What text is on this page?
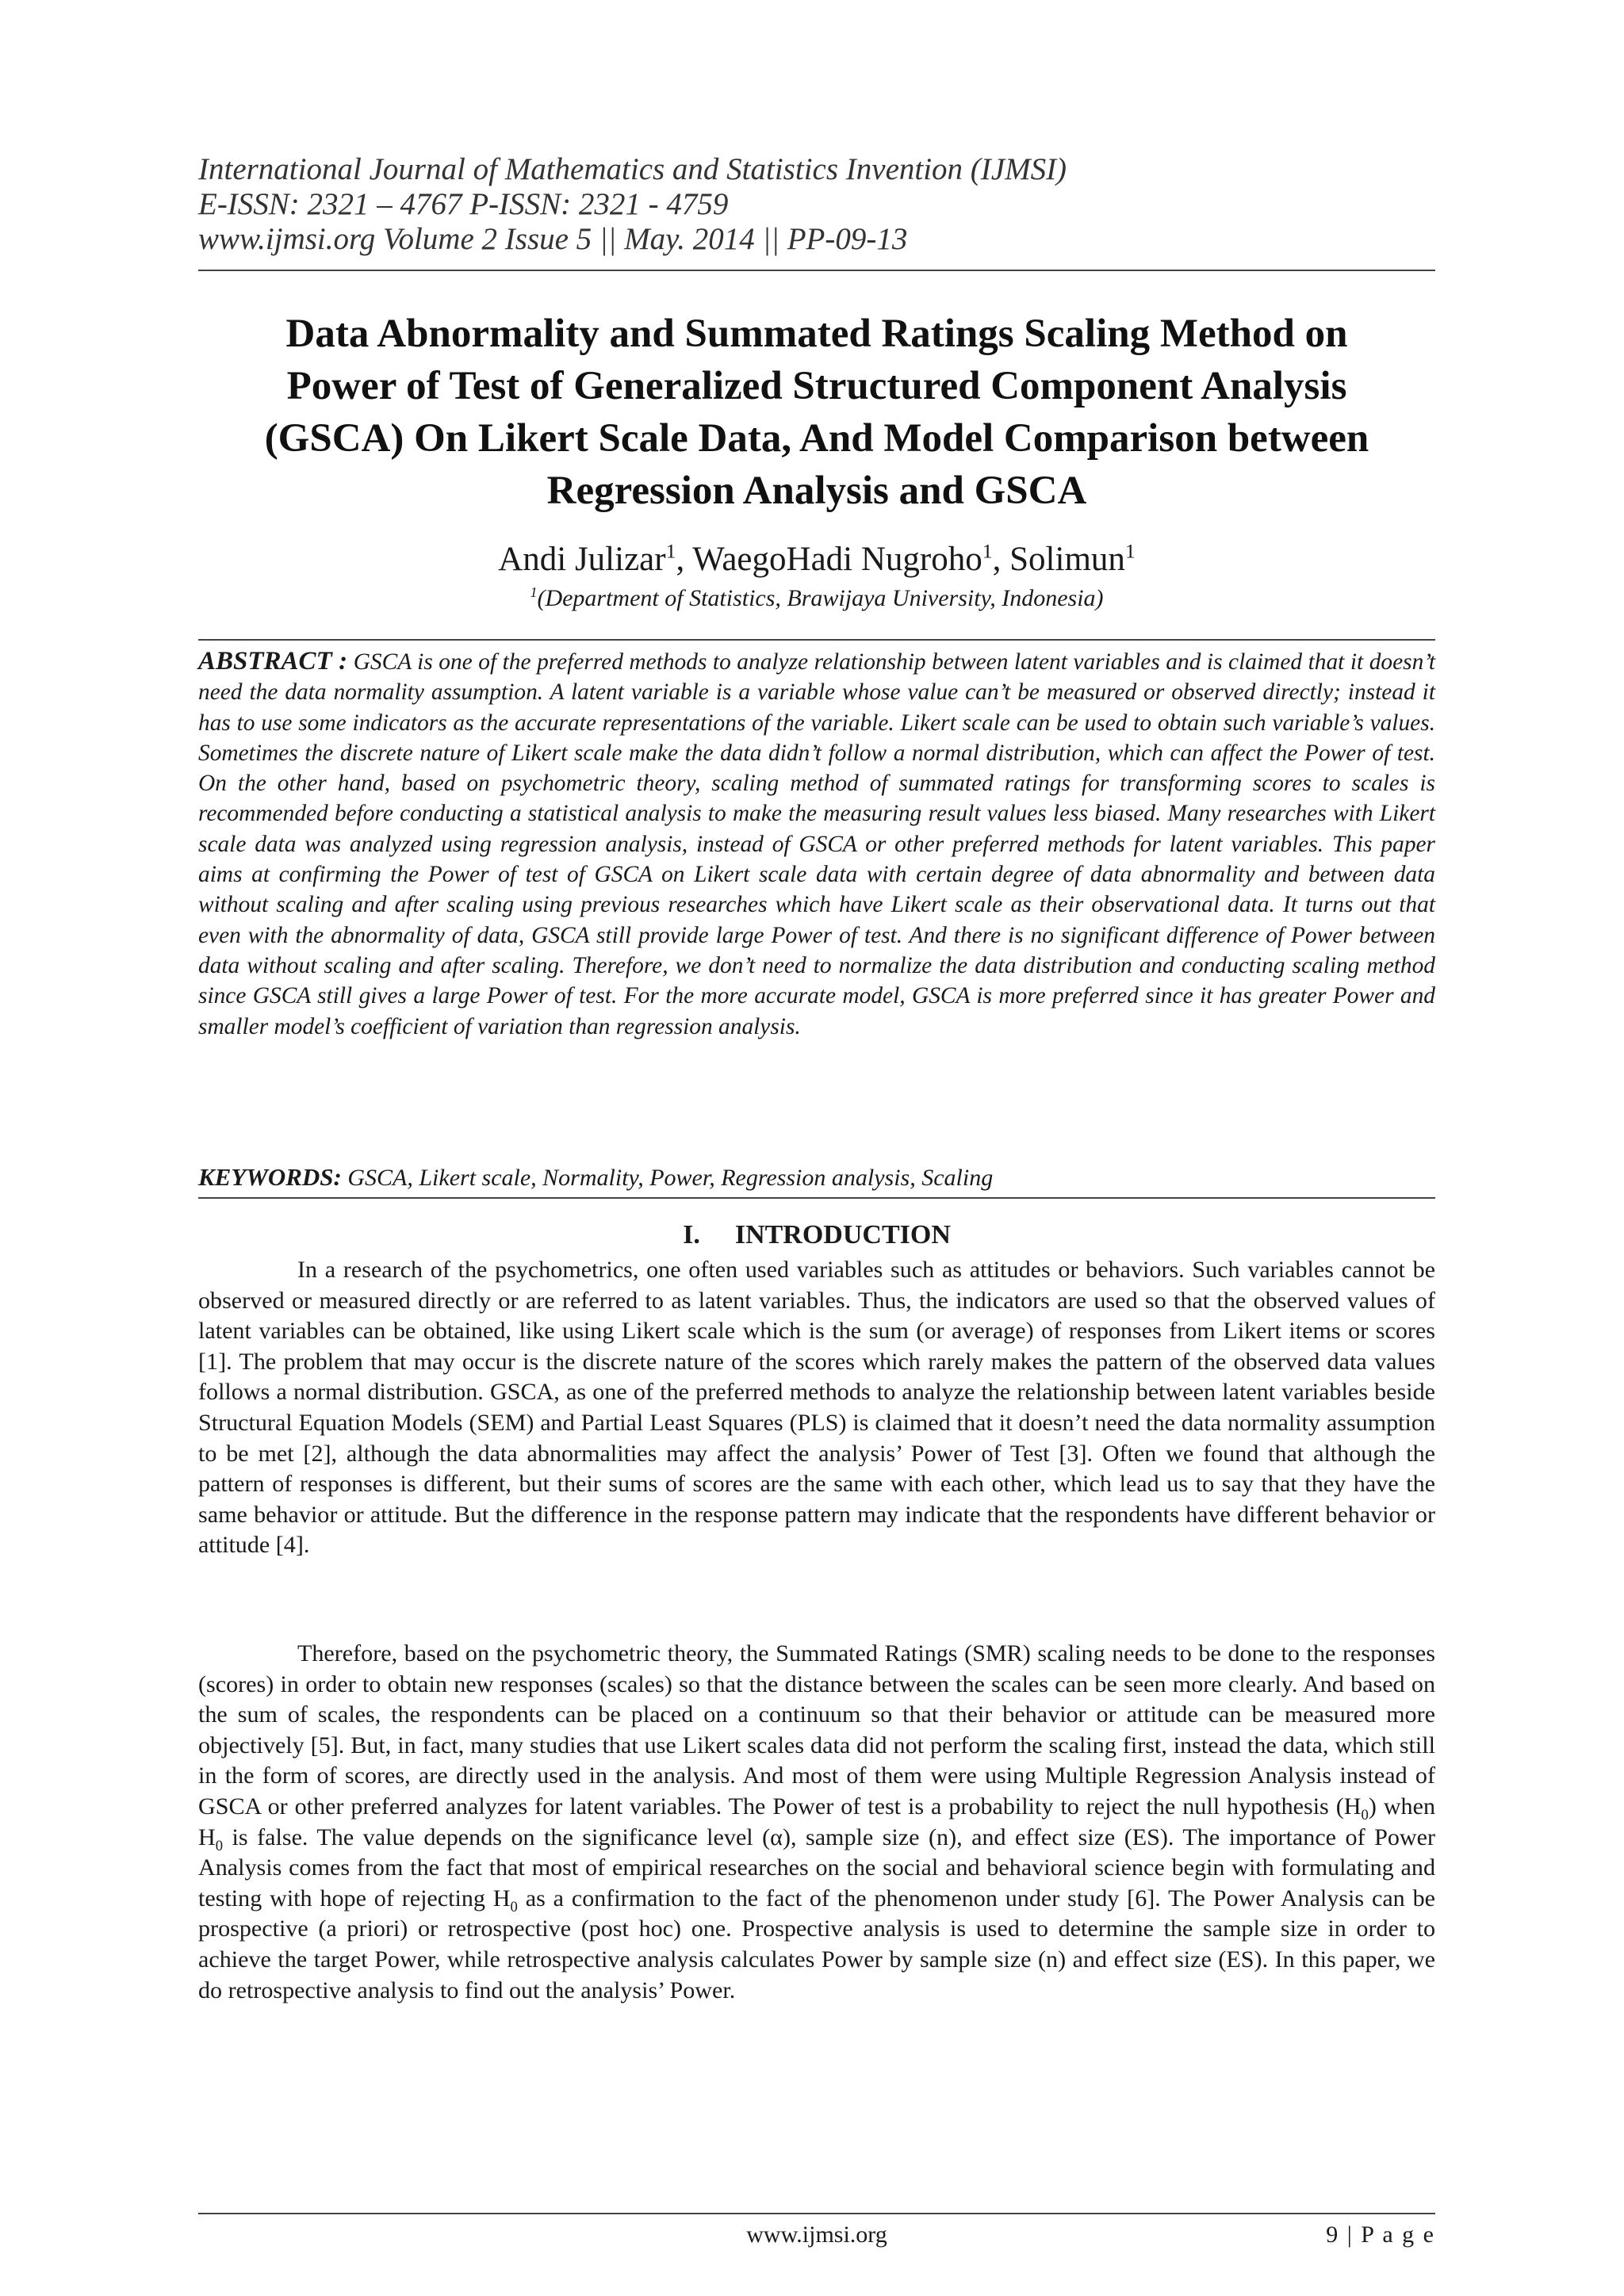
International Journal of Mathematics and Statistics Invention (IJMSI)
E-ISSN: 2321 – 4767 P-ISSN: 2321 - 4759
www.ijmsi.org Volume 2 Issue 5 || May. 2014 || PP-09-13
Data Abnormality and Summated Ratings Scaling Method on
Power of Test of Generalized Structured Component Analysis
(GSCA) On Likert Scale Data, And Model Comparison between
Regression Analysis and GSCA
Andi Julizar$^1$, WaegoHadi Nugroho$^1$, Solimun$^1$
$^1$(Department of Statistics, Brawijaya University, Indonesia)
ABSTRACT : GSCA is one of the preferred methods to analyze relationship between latent variables and is claimed that it doesn’t need the data normality assumption. A latent variable is a variable whose value can’t be measured or observed directly; instead it has to use some indicators as the accurate representations of the variable. Likert scale can be used to obtain such variable’s values. Sometimes the discrete nature of Likert scale make the data didn’t follow a normal distribution, which can affect the Power of test. On the other hand, based on psychometric theory, scaling method of summated ratings for transforming scores to scales is recommended before conducting a statistical analysis to make the measuring result values less biased. Many researches with Likert scale data was analyzed using regression analysis, instead of GSCA or other preferred methods for latent variables. This paper aims at confirming the Power of test of GSCA on Likert scale data with certain degree of data abnormality and between data without scaling and after scaling using previous researches which have Likert scale as their observational data. It turns out that even with the abnormality of data, GSCA still provide large Power of test. And there is no significant difference of Power between data without scaling and after scaling. Therefore, we don’t need to normalize the data distribution and conducting scaling method since GSCA still gives a large Power of test. For the more accurate model, GSCA is more preferred since it has greater Power and smaller model’s coefficient of variation than regression analysis.
KEYWORDS: GSCA, Likert scale, Normality, Power, Regression analysis, Scaling
I. INTRODUCTION
In a research of the psychometrics, one often used variables such as attitudes or behaviors. Such variables cannot be observed or measured directly or are referred to as latent variables. Thus, the indicators are used so that the observed values of latent variables can be obtained, like using Likert scale which is the sum (or average) of responses from Likert items or scores [1]. The problem that may occur is the discrete nature of the scores which rarely makes the pattern of the observed data values follows a normal distribution. GSCA, as one of the preferred methods to analyze the relationship between latent variables beside Structural Equation Models (SEM) and Partial Least Squares (PLS) is claimed that it doesn’t need the data normality assumption to be met [2], although the data abnormalities may affect the analysis’ Power of Test [3]. Often we found that although the pattern of responses is different, but their sums of scores are the same with each other, which lead us to say that they have the same behavior or attitude. But the difference in the response pattern may indicate that the respondents have different behavior or attitude [4].
Therefore, based on the psychometric theory, the Summated Ratings (SMR) scaling needs to be done to the responses (scores) in order to obtain new responses (scales) so that the distance between the scales can be seen more clearly. And based on the sum of scales, the respondents can be placed on a continuum so that their behavior or attitude can be measured more objectively [5]. But, in fact, many studies that use Likert scales data did not perform the scaling first, instead the data, which still in the form of scores, are directly used in the analysis. And most of them were using Multiple Regression Analysis instead of GSCA or other preferred analyzes for latent variables. The Power of test is a probability to reject the null hypothesis $(H_0)$ when $H_0$ is false. The value depends on the significance level (α), sample size (n), and effect size (ES). The importance of Power Analysis comes from the fact that most of empirical researches on the social and behavioral science begin with formulating and testing with hope of rejecting $H_0$ as a confirmation to the fact of the phenomenon under study [6]. The Power Analysis can be prospective (a priori) or retrospective (post hoc) one. Prospective analysis is used to determine the sample size in order to achieve the target Power, while retrospective analysis calculates Power by sample size (n) and effect size (ES). In this paper, we do retrospective analysis to find out the analysis’ Power.
www.ijmsi.org	9 | P a g e
